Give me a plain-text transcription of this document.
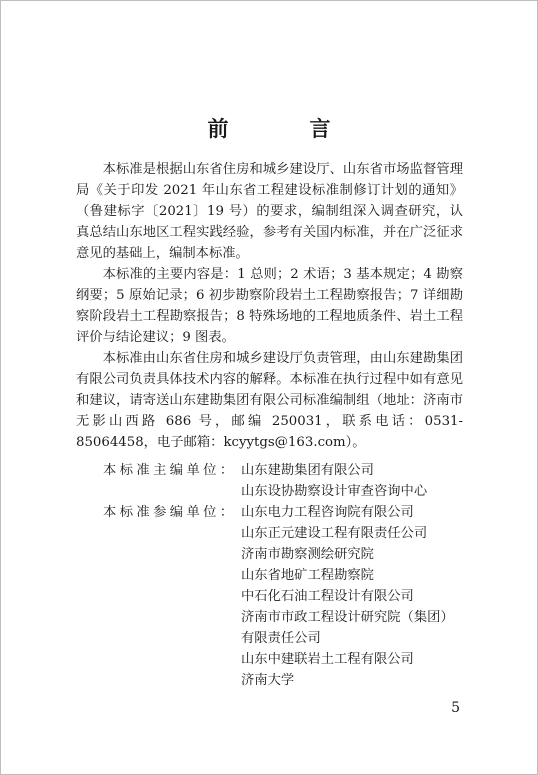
前　言

本标准是根据山东省住房和城乡建设厅、山东省市场监督管理局《关于印发 2021 年山东省工程建设标准制修订计划的通知》（鲁建标字〔2021〕19 号）的要求，编制组深入调查研究，认真总结山东地区工程实践经验，参考有关国内标准，并在广泛征求意见的基础上，编制本标准。

本标准的主要内容是：1 总则；2 术语；3 基本规定；4 勘察纲要；5 原始记录；6 初步勘察阶段岩土工程勘察报告；7 详细勘察阶段岩土工程勘察报告；8 特殊场地的工程地质条件、岩土工程评价与结论建议；9 图表。

本标准由山东省住房和城乡建设厅负责管理，由山东建勘集团有限公司负责具体技术内容的解释。本标准在执行过程中如有意见和建议，请寄送山东建勘集团有限公司标准编制组（地址：济南市无影山西路 686 号，邮编 250031，联系电话：0531-85064458，电子邮箱：kcyytgs@163.com）。

本标准主编单位： 山东建勘集团有限公司
山东设协勘察设计审查咨询中心
本标准参编单位： 山东电力工程咨询院有限公司
山东正元建设工程有限责任公司
济南市勘察测绘研究院
山东省地矿工程勘察院
中石化石油工程设计有限公司
济南市市政工程设计研究院（集团）
有限责任公司
山东中建联岩土工程有限公司
济南大学
5
